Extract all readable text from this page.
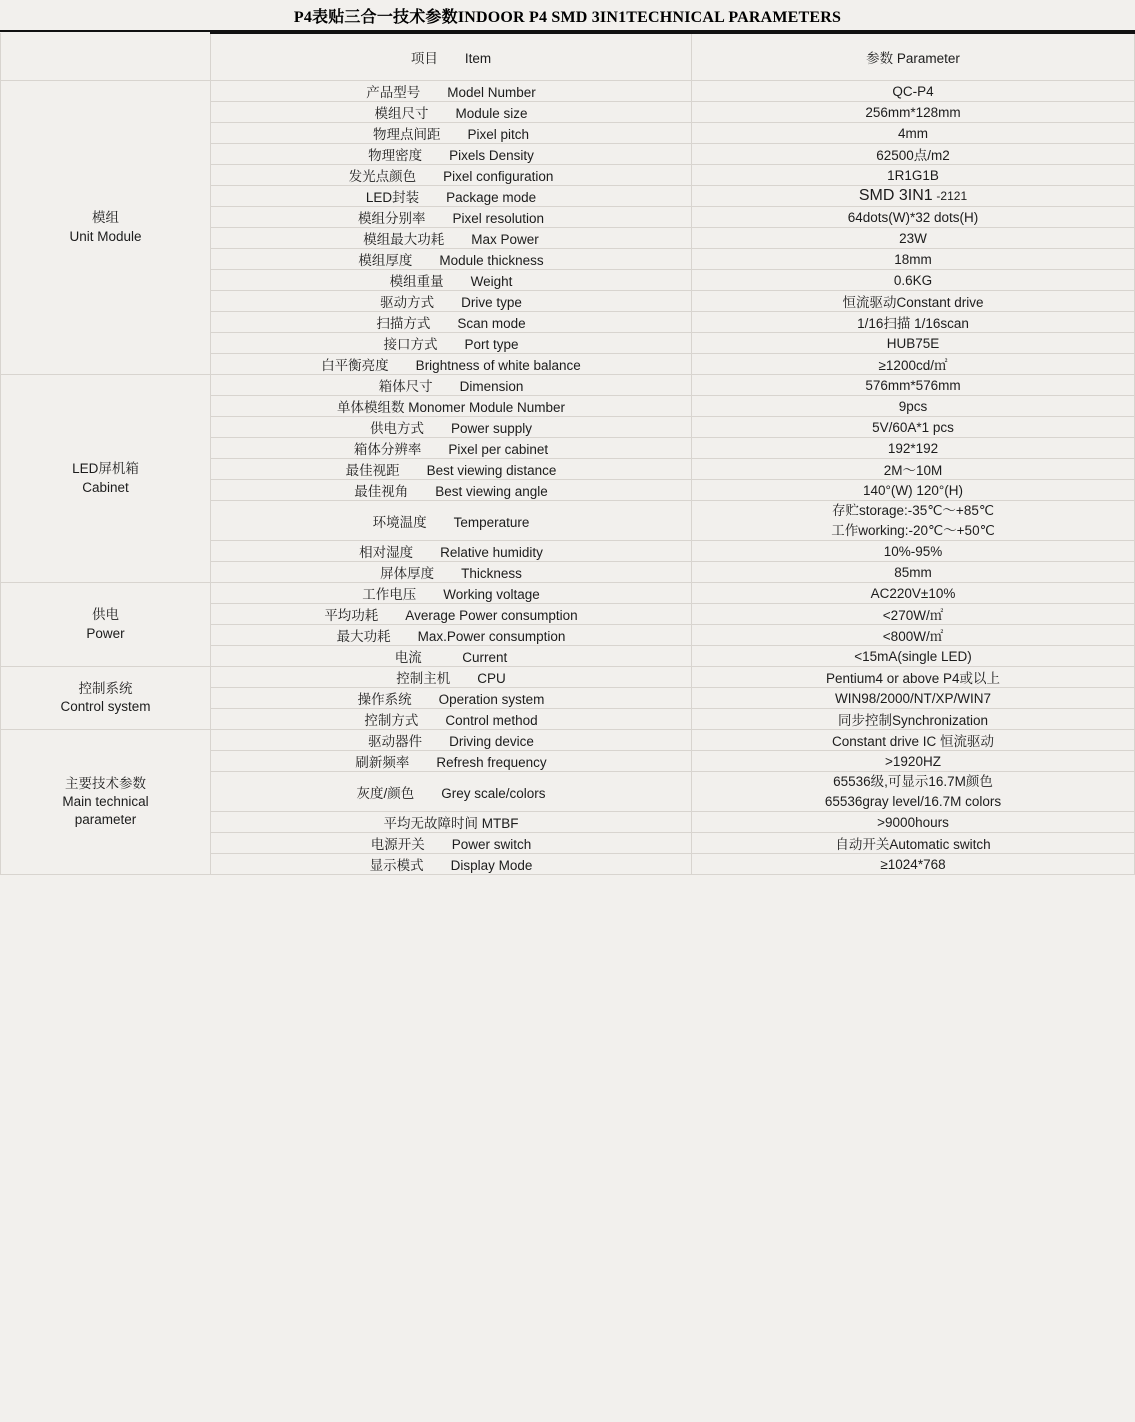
P4表贴三合一技术参数INDOOR P4 SMD 3IN1TECHNICAL PARAMETERS
	项目　　Item	参数 Parameter

模组
Unit Module	产品型号　　Model Number	QC-P4
	模组尺寸　　Module size	256mm*128mm
	物理点间距　　Pixel pitch	4mm
	物理密度　　Pixels Density	62500点/m2
	发光点颜色　　Pixel configuration	1R1G1B
	LED封装　　Package mode	SMD 3IN1 -2121
	模组分别率　　Pixel resolution	64dots(W)*32 dots(H)
	模组最大功耗　　Max Power	23W
	模组厚度　　Module thickness	18mm
	模组重量　　Weight	0.6KG
	驱动方式　　Drive type	恒流驱动Constant drive
	扫描方式　　Scan mode	1/16扫描 1/16scan
	接口方式　　Port type	HUB75E
	白平衡亮度　　Brightness of white balance	≥1200cd/㎡

LED屏机箱
Cabinet	箱体尺寸　　Dimension	576mm*576mm
	单体模组数 Monomer Module Number	9pcs
	供电方式　　Power supply	5V/60A*1 pcs
	箱体分辨率　　Pixel per cabinet	192*192
	最佳视距　　Best viewing distance	2M～10M
	最佳视角　　Best viewing angle	140°(W) 120°(H)
	环境温度　　Temperature	存贮storage:-35℃～+85℃
工作working:-20℃～+50℃

	相对湿度　　Relative humidity	10%-95%
	屏体厚度　　Thickness	85mm

供电
Power	工作电压　　Working voltage	AC220V±10%
	平均功耗　　Average Power consumption	<270W/㎡
	最大功耗　　Max.Power consumption	<800W/㎡
	电流　　　Current	<15mA(single LED)

控制系统
Control system	控制主机　　CPU	Pentium4 or above P4或以上
	操作系统　　Operation system	WIN98/2000/NT/XP/WIN7
	控制方式　　Control method	同步控制Synchronization

主要技术参数
Main technical
parameter	驱动器件　　Driving device	Constant drive IC 恒流驱动
	刷新频率　　Refresh frequency	>1920HZ
	灰度/颜色　　Grey scale/colors	65536级,可显示16.7M颜色
65536gray level/16.7M colors

	平均无故障时间 MTBF	>9000hours
	电源开关　　Power switch	自动开关Automatic switch
	显示模式　　Display Mode	≥1024*768
